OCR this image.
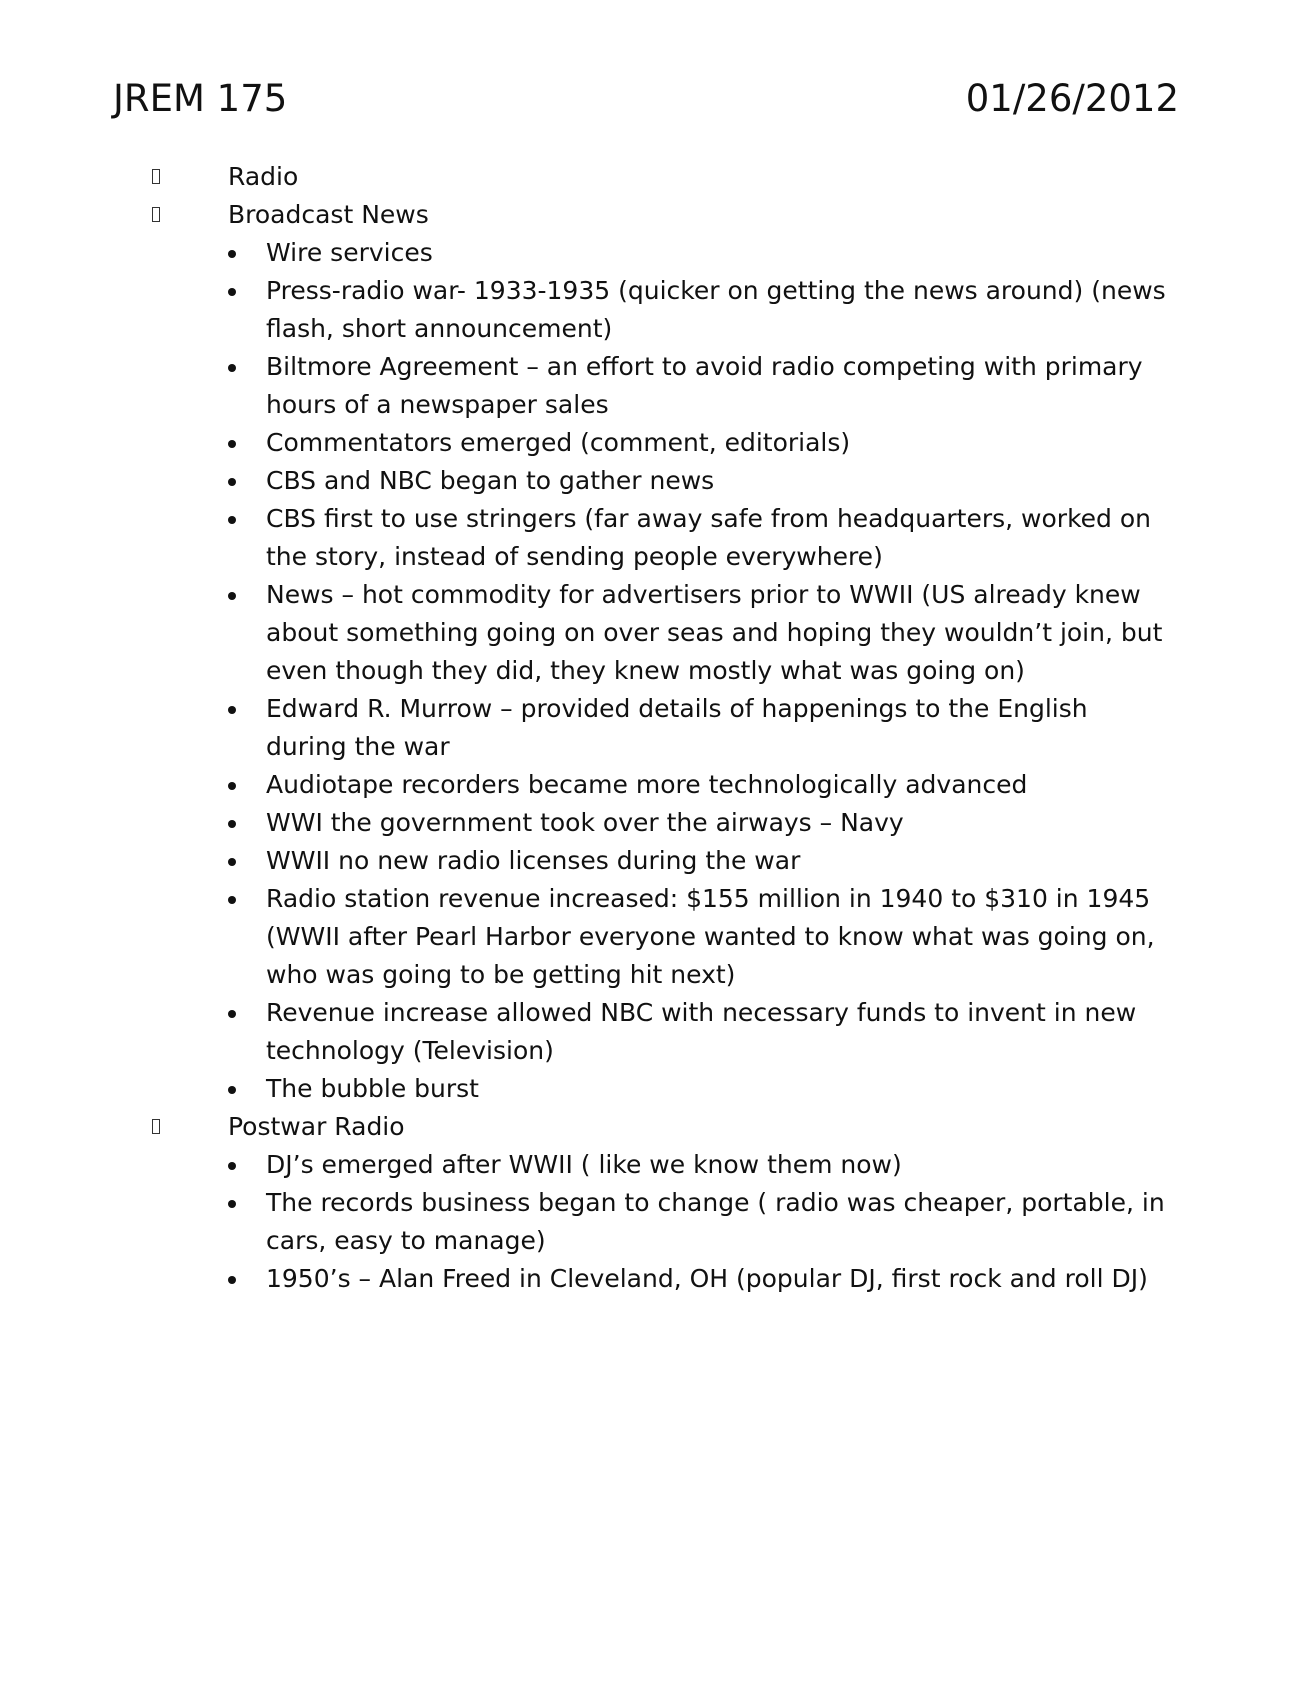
JREM 175	01/26/2012
Radio
Broadcast News
Wire services
Press-radio war- 1933-1935 (quicker on getting the news around) (news flash, short announcement)
Biltmore Agreement – an effort to avoid radio competing with primary hours of a newspaper sales
Commentators emerged (comment, editorials)
CBS and NBC began to gather news
CBS first to use stringers (far away safe from headquarters, worked on the story, instead of sending people everywhere)
News – hot commodity for advertisers prior to WWII (US already knew about something going on over seas and hoping they wouldn’t join, but even though they did, they knew mostly what was going on)
Edward R. Murrow – provided details of happenings to the English during the war
Audiotape recorders became more technologically advanced
WWI the government took over the airways – Navy
WWII no new radio licenses during the war
Radio station revenue increased: $155 million in 1940 to $310 in 1945 (WWII after Pearl Harbor everyone wanted to know what was going on, who was going to be getting hit next)
Revenue increase allowed NBC with necessary funds to invent in new technology (Television)
The bubble burst
Postwar Radio
DJ’s emerged after WWII ( like we know them now)
The records business began to change ( radio was cheaper, portable, in cars, easy to manage)
1950’s – Alan Freed in Cleveland, OH (popular DJ, first rock and roll DJ)
